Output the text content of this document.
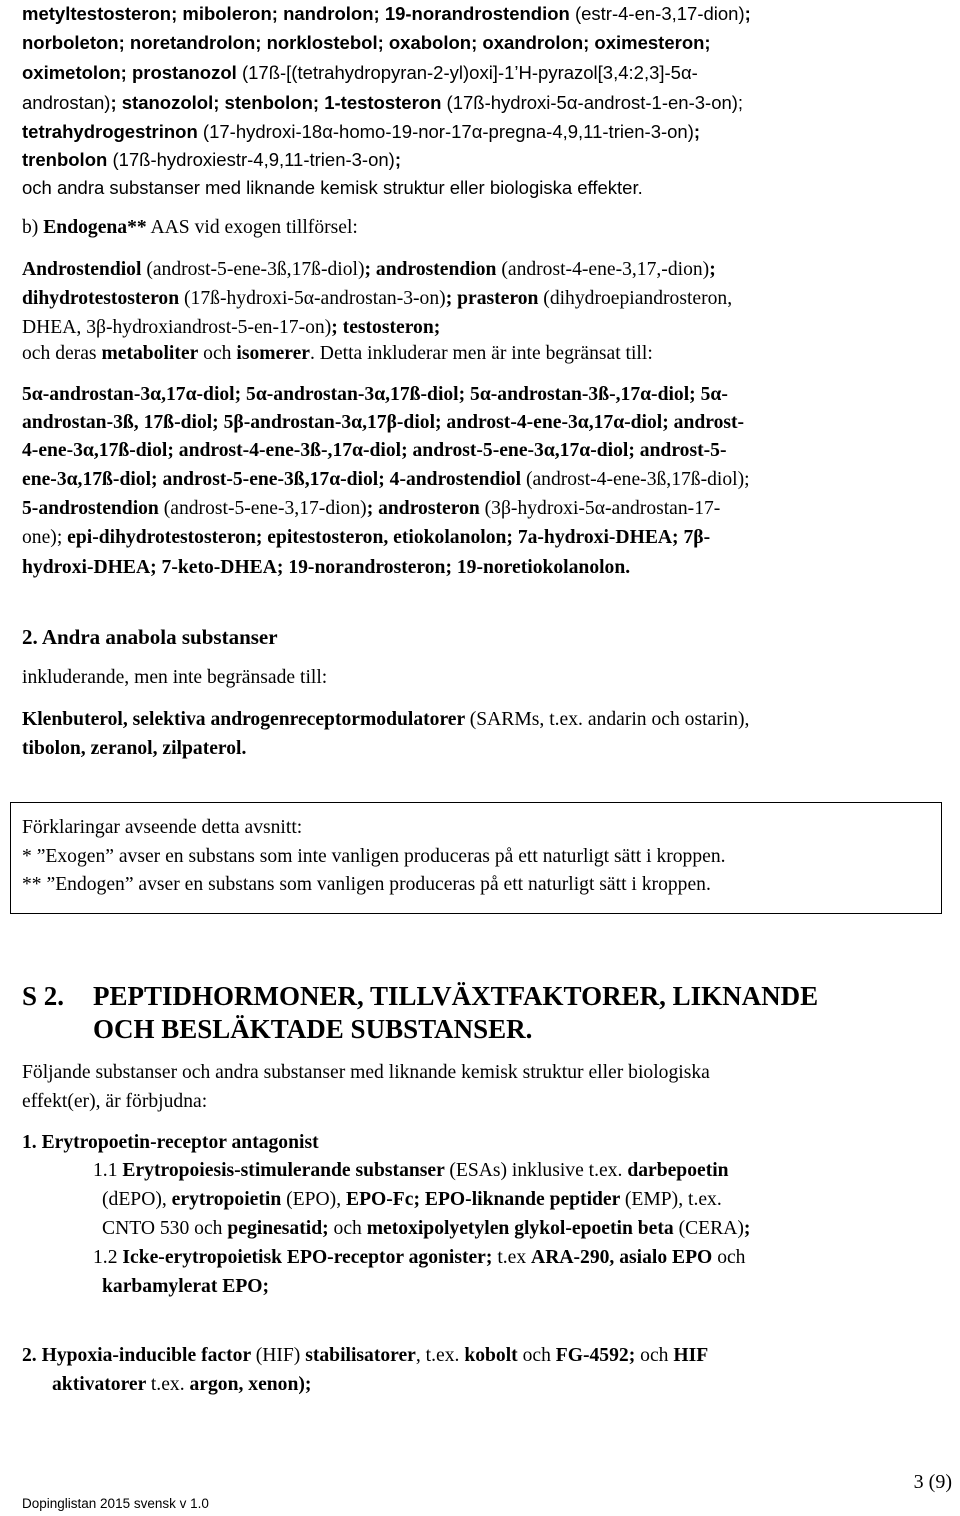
metyltestosteron; miboleron; nandrolon; 19-norandrostendion (estr-4-en-3,17-dion);
norboleton; noretandrolon; norklostebol; oxabolon; oxandrolon; oximesteron;
oximetolon; prostanozol (17ß-[(tetrahydropyran-2-yl)oxi]-1’H-pyrazol[3,4:2,3]-5α-
androstan); stanozolol; stenbolon; 1-testosteron (17ß-hydroxi-5α-androst-1-en-3-on);
tetrahydrogestrinon (17-hydroxi-18α-homo-19-nor-17α-pregna-4,9,11-trien-3-on);
trenbolon (17ß-hydroxiestr-4,9,11-trien-3-on);
och andra substanser med liknande kemisk struktur eller biologiska effekter.
b) Endogena** AAS vid exogen tillförsel:
Androstendiol (androst-5-ene-3ß,17ß-diol); androstendion (androst-4-ene-3,17,-dion);
dihydrotestosteron (17ß-hydroxi-5α-androstan-3-on); prasteron (dihydroepiandrosteron,
DHEA, 3β-hydroxiandrost-5-en-17-on); testosteron;
och deras metaboliter och isomerer. Detta inkluderar men är inte begränsat till:
5α-androstan-3α,17α-diol; 5α-androstan-3α,17ß-diol; 5α-androstan-3ß-,17α-diol; 5α-
androstan-3ß, 17ß-diol; 5β-androstan-3α,17β-diol; androst-4-ene-3α,17α-diol; androst-
4-ene-3α,17ß-diol; androst-4-ene-3ß-,17α-diol; androst-5-ene-3α,17α-diol; androst-5-
ene-3α,17ß-diol; androst-5-ene-3ß,17α-diol; 4-androstendiol (androst-4-ene-3ß,17ß-diol);
5-androstendion (androst-5-ene-3,17-dion); androsteron (3β-hydroxi-5α-androstan-17-
one); epi-dihydrotestosteron; epitestosteron, etiokolanolon; 7a-hydroxi-DHEA; 7β-
hydroxi-DHEA; 7-keto-DHEA; 19-norandrosteron; 19-noretiokolanolon.
2. Andra anabola substanser
inkluderande, men inte begränsade till:
Klenbuterol, selektiva androgenreceptormodulatorer (SARMs, t.ex. andarin och ostarin),
tibolon, zeranol, zilpaterol.
Förklaringar avseende detta avsnitt:
* ”Exogen” avser en substans som inte vanligen produceras på ett naturligt sätt i kroppen.
** ”Endogen” avser en substans som vanligen produceras på ett naturligt sätt i kroppen.
S 2. PEPTIDHORMONER, TILLVÄXTFAKTORER, LIKNANDE
OCH BESLÄKTADE SUBSTANSER.
Följande substanser och andra substanser med liknande kemisk struktur eller biologiska
effekt(er), är förbjudna:
1. Erytropoetin-receptor antagonist
1.1 Erytropoiesis-stimulerande substanser (ESAs) inklusive t.ex. darbepoetin
(dEPO), erytropoietin (EPO), EPO-Fc; EPO-liknande peptider (EMP), t.ex.
CNTO 530 och peginesatid; och metoxipolyetylen glykol-epoetin beta (CERA);
1.2 Icke-erytropoietisk EPO-receptor agonister; t.ex ARA-290, asialo EPO och
karbamylerat EPO;
2. Hypoxia-inducible factor (HIF) stabilisatorer, t.ex. kobolt och FG-4592; och HIF
aktivatorer t.ex. argon, xenon);
3 (9)
Dopinglistan 2015 svensk v 1.0
